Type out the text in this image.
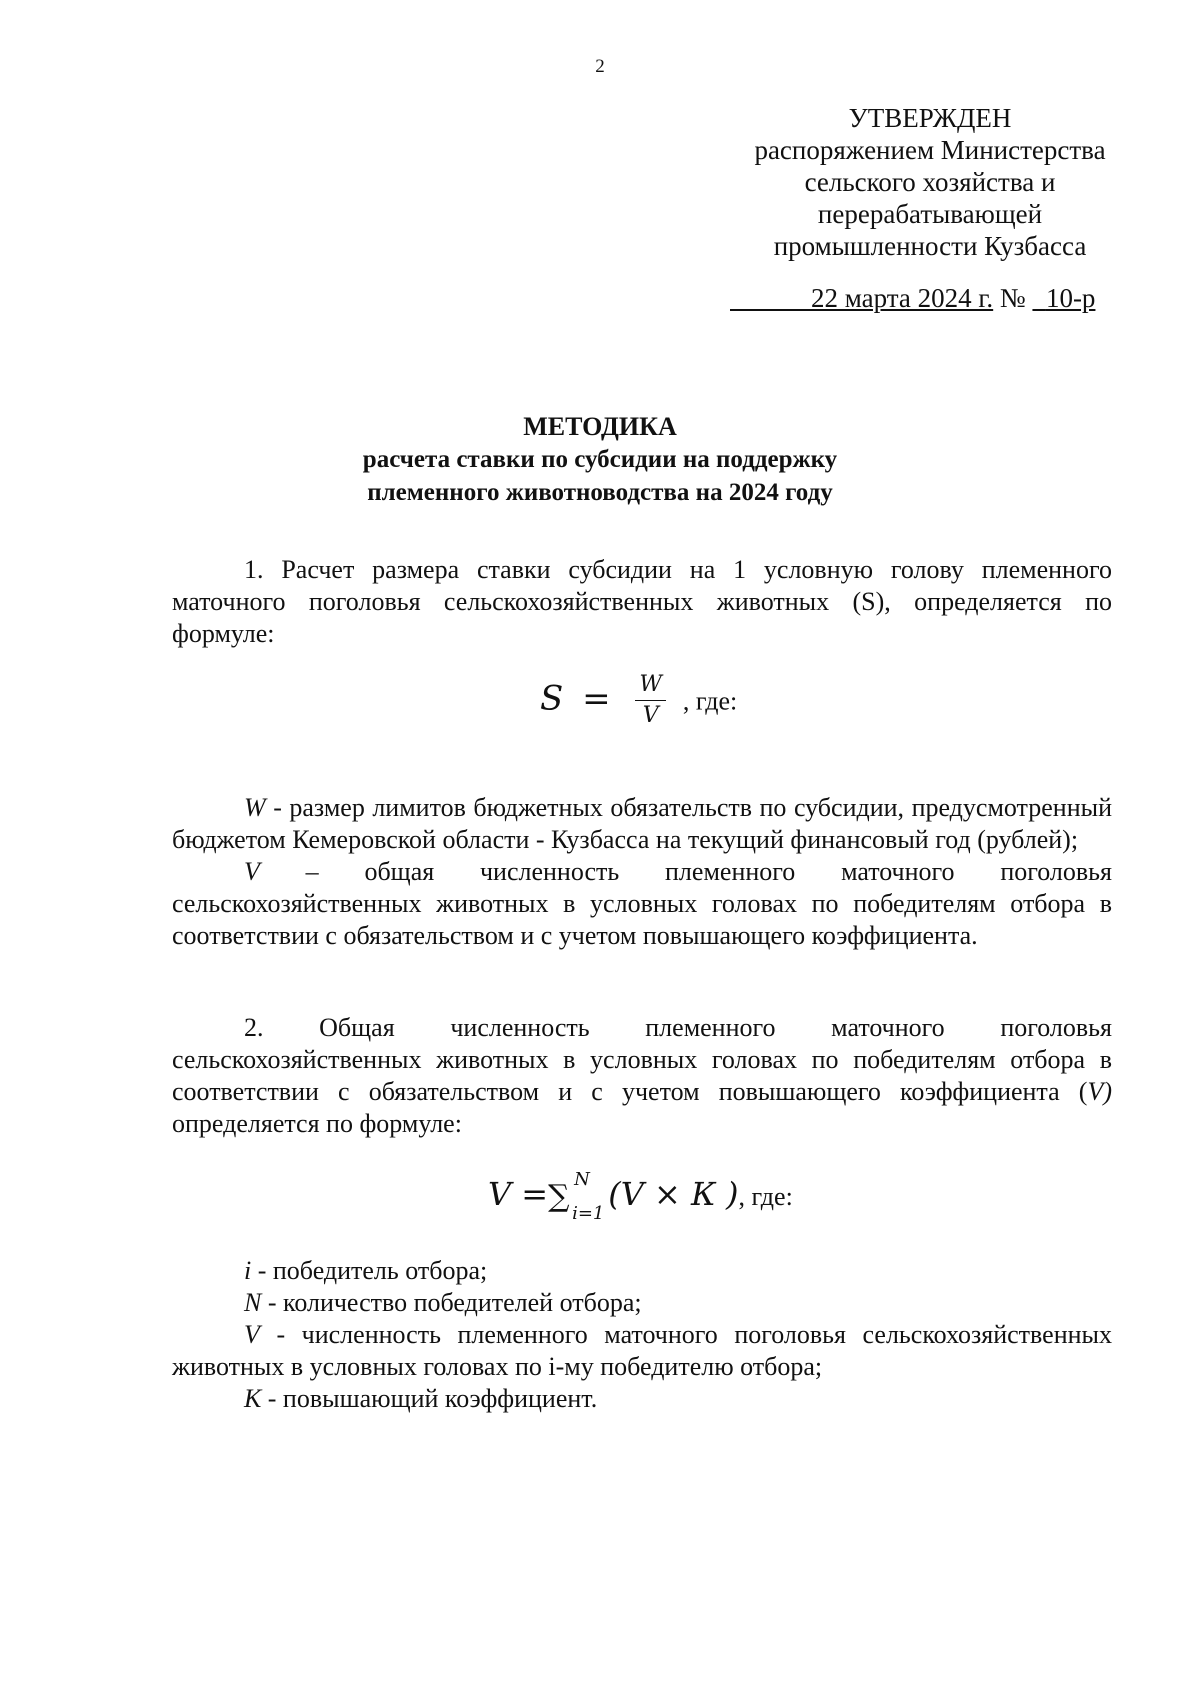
2
УТВЕРЖДЕН
распоряжением Министерства
сельского хозяйства и
перерабатывающей
промышленности Кузбасса
22 марта 2024 г. № 10-р
МЕТОДИКА
расчета ставки по субсидии на поддержку
племенного животноводства на 2024 году

1. Расчет размера ставки субсидии на 1 условную голову племенного маточного поголовья сельскохозяйственных животных (S), определяется по формуле:

$S = \frac{W}{V}$ , где:

W - размер лимитов бюджетных обязательств по субсидии, предусмотренный бюджетом Кемеровской области - Кузбасса на текущий финансовый год (рублей);

V – общая численность племенного маточного поголовья сельскохозяйственных животных в условных головах по победителям отбора в соответствии с обязательством и с учетом повышающего коэффициента.

2. Общая численность племенного маточного поголовья сельскохозяйственных животных в условных головах по победителям отбора в соответствии с обязательством и с учетом повышающего коэффициента (V) определяется по формуле:

V = ∑ N
i=1 (V × К ), где:

i - победитель отбора;

N - количество победителей отбора;

V - численность племенного маточного поголовья сельскохозяйственных животных в условных головах по i-му победителю отбора;

К - повышающий коэффициент.
